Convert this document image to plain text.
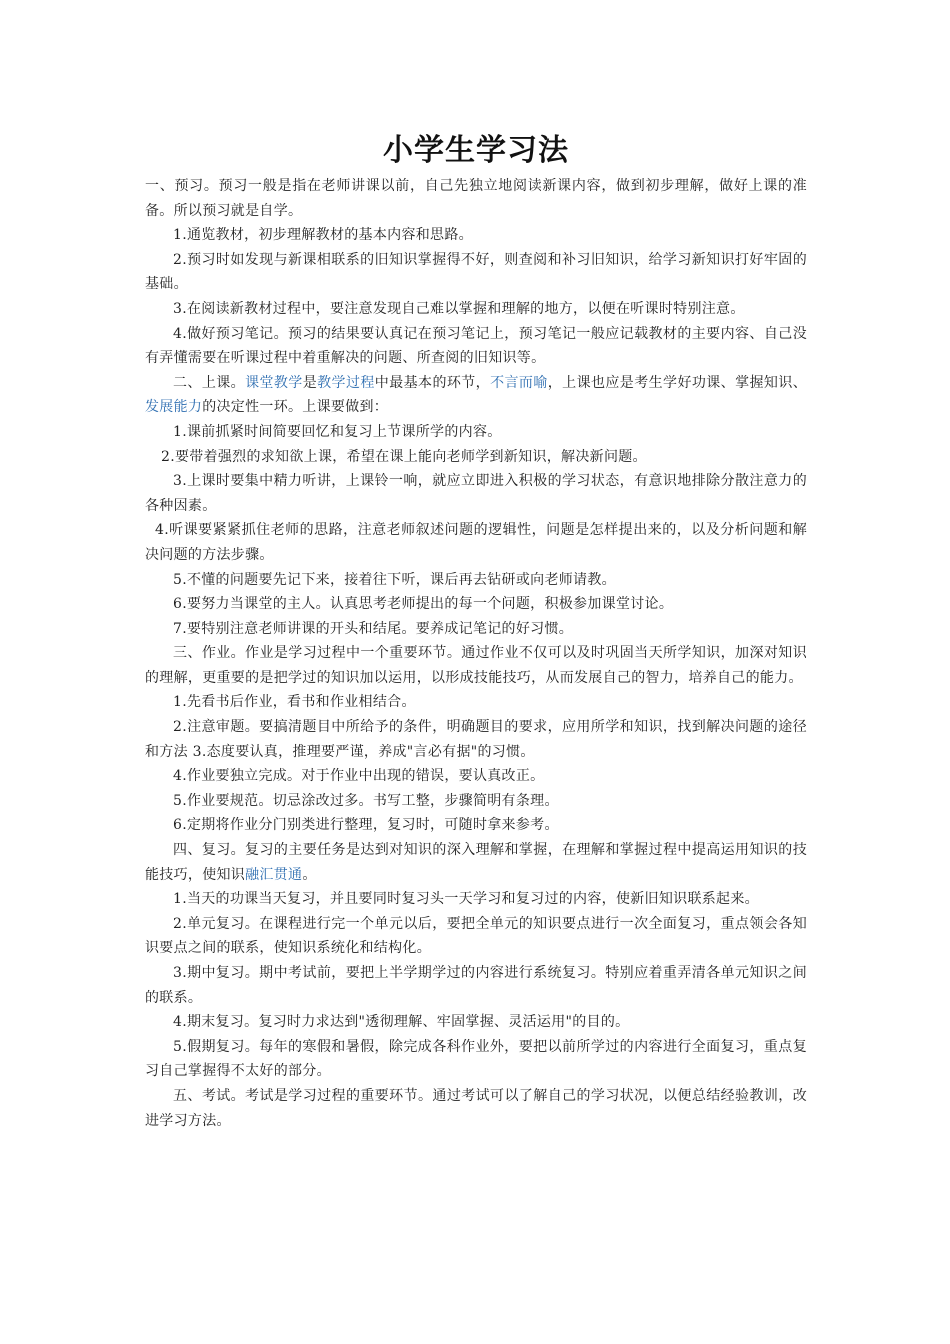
小学生学习法

一、预习。预习一般是指在老师讲课以前，自己先独立地阅读新课内容，做到初步理解，做好上课的准备。所以预习就是自学。

1.通览教材，初步理解教材的基本内容和思路。

2.预习时如发现与新课相联系的旧知识掌握得不好，则查阅和补习旧知识，给学习新知识打好牢固的基础。

3.在阅读新教材过程中，要注意发现自己难以掌握和理解的地方，以便在听课时特别注意。

4.做好预习笔记。预习的结果要认真记在预习笔记上，预习笔记一般应记载教材的主要内容、自己没有弄懂需要在听课过程中着重解决的问题、所查阅的旧知识等。

二、上课。课堂教学是教学过程中最基本的环节，不言而喻，上课也应是考生学好功课、掌握知识、发展能力的决定性一环。上课要做到：

1.课前抓紧时间简要回忆和复习上节课所学的内容。

2.要带着强烈的求知欲上课，希望在课上能向老师学到新知识，解决新问题。

3.上课时要集中精力听讲，上课铃一响，就应立即进入积极的学习状态，有意识地排除分散注意力的各种因素。

4.听课要紧紧抓住老师的思路，注意老师叙述问题的逻辑性，问题是怎样提出来的，以及分析问题和解决问题的方法步骤。

5.不懂的问题要先记下来，接着往下听，课后再去钻研或向老师请教。

6.要努力当课堂的主人。认真思考老师提出的每一个问题，积极参加课堂讨论。

7.要特别注意老师讲课的开头和结尾。要养成记笔记的好习惯。

三、作业。作业是学习过程中一个重要环节。通过作业不仅可以及时巩固当天所学知识，加深对知识的理解，更重要的是把学过的知识加以运用，以形成技能技巧，从而发展自己的智力，培养自己的能力。

1.先看书后作业，看书和作业相结合。

2.注意审题。要搞清题目中所给予的条件，明确题目的要求，应用所学和知识，找到解决问题的途径和方法 3.态度要认真，推理要严谨，养成"言必有据"的习惯。

4.作业要独立完成。对于作业中出现的错误，要认真改正。

5.作业要规范。切忌涂改过多。书写工整，步骤简明有条理。

6.定期将作业分门别类进行整理，复习时，可随时拿来参考。

四、复习。复习的主要任务是达到对知识的深入理解和掌握，在理解和掌握过程中提高运用知识的技能技巧，使知识融汇贯通。

1.当天的功课当天复习，并且要同时复习头一天学习和复习过的内容，使新旧知识联系起来。

2.单元复习。在课程进行完一个单元以后，要把全单元的知识要点进行一次全面复习，重点领会各知识要点之间的联系，使知识系统化和结构化。

3.期中复习。期中考试前，要把上半学期学过的内容进行系统复习。特别应着重弄清各单元知识之间的联系。

4.期末复习。复习时力求达到"透彻理解、牢固掌握、灵活运用"的目的。

5.假期复习。每年的寒假和暑假，除完成各科作业外，要把以前所学过的内容进行全面复习，重点复习自己掌握得不太好的部分。

五、考试。考试是学习过程的重要环节。通过考试可以了解自己的学习状况，以便总结经验教训，改进学习方法。
